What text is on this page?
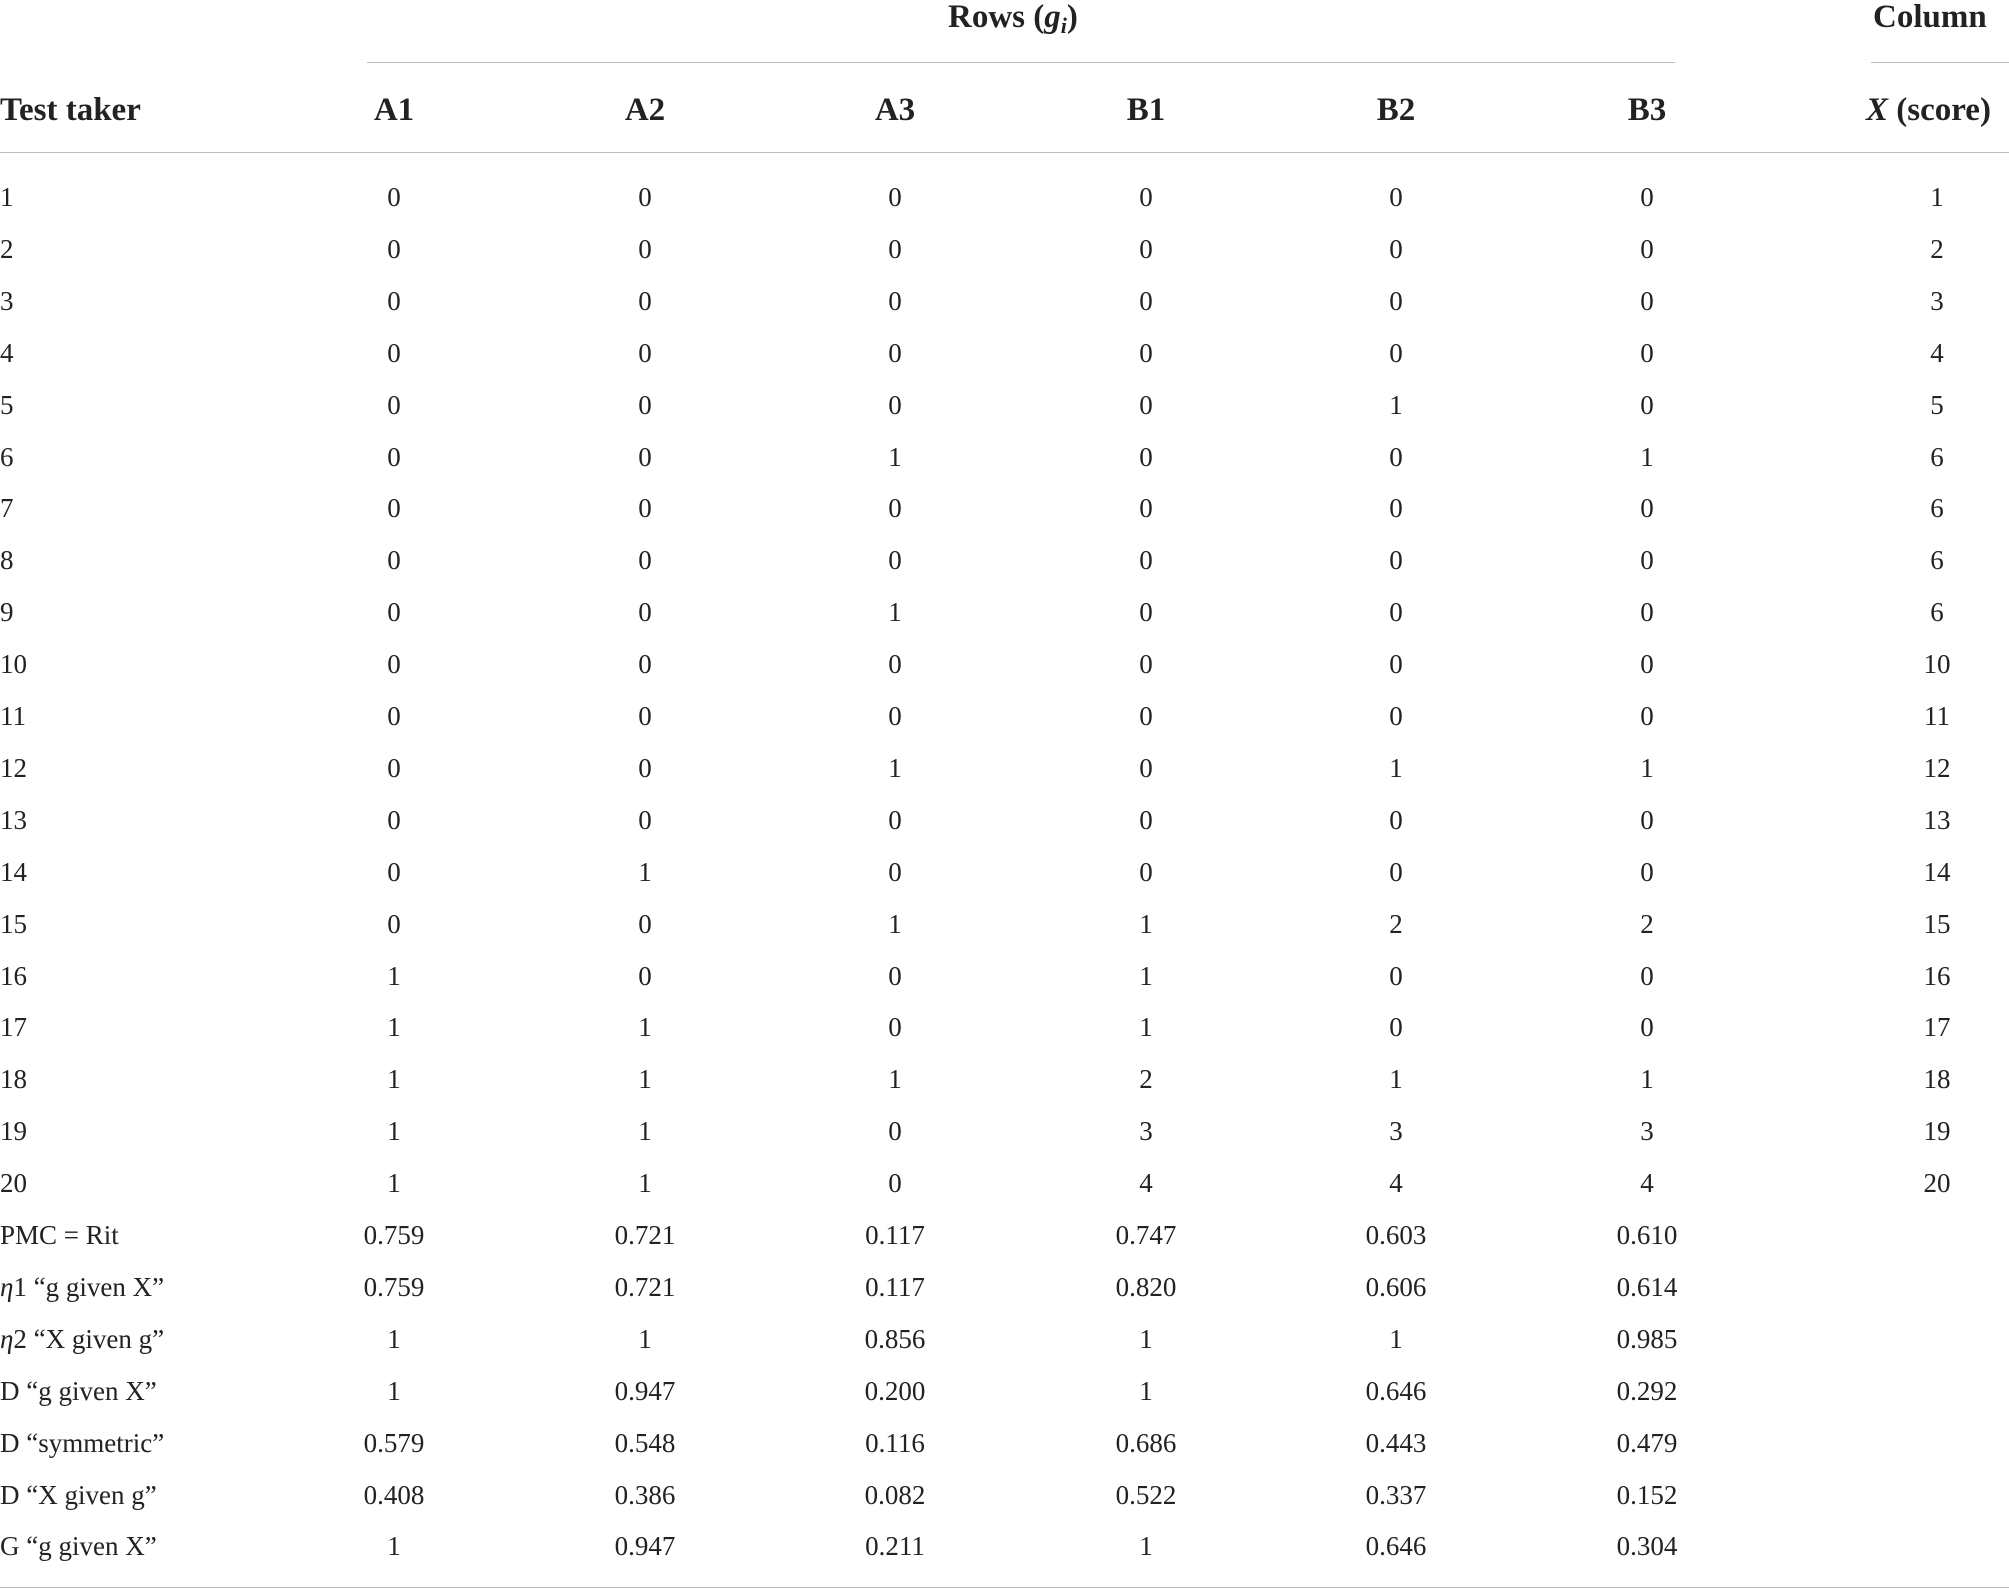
Rows $(g_i)$	Column
Test taker	A1	A2	A3	B1	B2	B3	X (score)
1	0	0	0	0	0	0	1
2	0	0	0	0	0	0	2
3	0	0	0	0	0	0	3
4	0	0	0	0	0	0	4
5	0	0	0	0	1	0	5
6	0	0	1	0	0	1	6
7	0	0	0	0	0	0	6
8	0	0	0	0	0	0	6
9	0	0	1	0	0	0	6
10	0	0	0	0	0	0	10
11	0	0	0	0	0	0	11
12	0	0	1	0	1	1	12
13	0	0	0	0	0	0	13
14	0	1	0	0	0	0	14
15	0	0	1	1	2	2	15
16	1	0	0	1	0	0	16
17	1	1	0	1	0	0	17
18	1	1	1	2	1	1	18
19	1	1	0	3	3	3	19
20	1	1	0	4	4	4	20
PMC = Rit	0.759	0.721	0.117	0.747	0.603	0.610
η1 “g given X”	0.759	0.721	0.117	0.820	0.606	0.614
η2 “X given g”	1	1	0.856	1	1	0.985
D “g given X”	1	0.947	0.200	1	0.646	0.292
D “symmetric”	0.579	0.548	0.116	0.686	0.443	0.479
D “X given g”	0.408	0.386	0.082	0.522	0.337	0.152
G “g given X”	1	0.947	0.211	1	0.646	0.304
